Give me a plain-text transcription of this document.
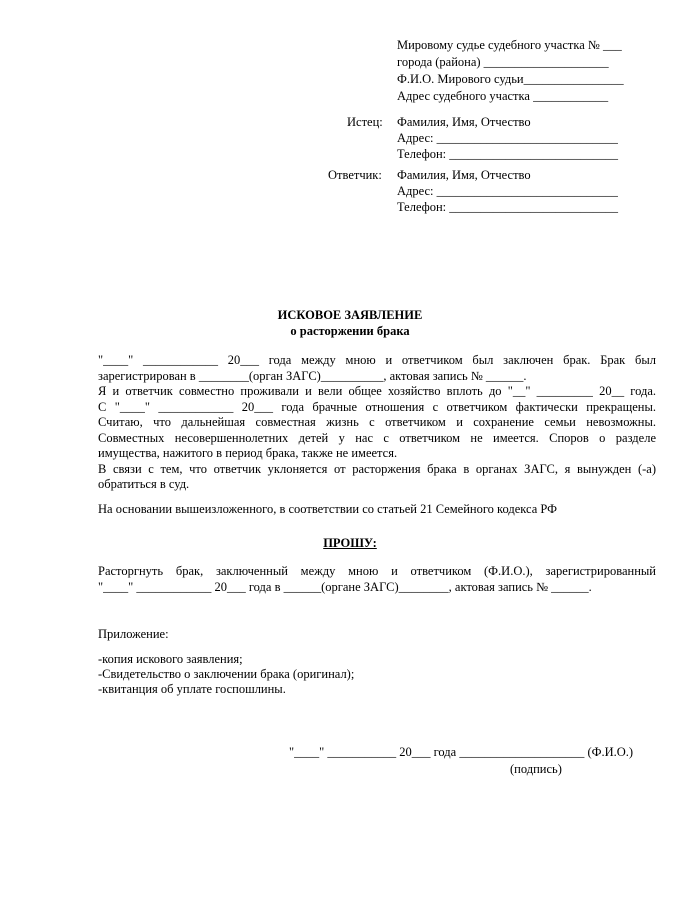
Мировому судье судебного участка № ___
города (района) ____________________
Ф.И.О. Мирового судьи________________
Адрес судебного участка ____________
Истец: Фамилия, Имя, Отчество
Адрес: _____________________________
Телефон: ___________________________
Ответчик: Фамилия, Имя, Отчество
Адрес: _____________________________
Телефон: ___________________________
ИСКОВОЕ ЗАЯВЛЕНИЕ
о расторжении брака
"____" ____________ 20___ года между мною и ответчиком был заключен брак. Брак был
зарегистрирован в ________(орган ЗАГС)__________, актовая запись № ______.
Я и ответчик совместно проживали и вели общее хозяйство вплоть до "__" _________ 20__ года.
С "____" ____________ 20___ года брачные отношения с ответчиком фактически прекращены.
Считаю, что дальнейшая совместная жизнь с ответчиком и сохранение семьи невозможны.
Совместных несовершеннолетних детей у нас с ответчиком не имеется. Споров о разделе
имущества, нажитого в период брака, также не имеется.
В связи с тем, что ответчик уклоняется от расторжения брака в органах ЗАГС, я вынужден (-а)
обратиться в суд.
На основании вышеизложенного, в соответствии со статьей 21 Семейного кодекса РФ
ПРОШУ:
Расторгнуть брак, заключенный между мною и ответчиком (Ф.И.О.), зарегистрированный
"____" ____________ 20___ года в ______(органе ЗАГС)________, актовая запись № ______.
Приложение:
-копия искового заявления;
-Свидетельство о заключении брака (оригинал);
-квитанция об уплате госпошлины.
"____" ___________ 20___ года ____________________ (Ф.И.О.)
(подпись)
